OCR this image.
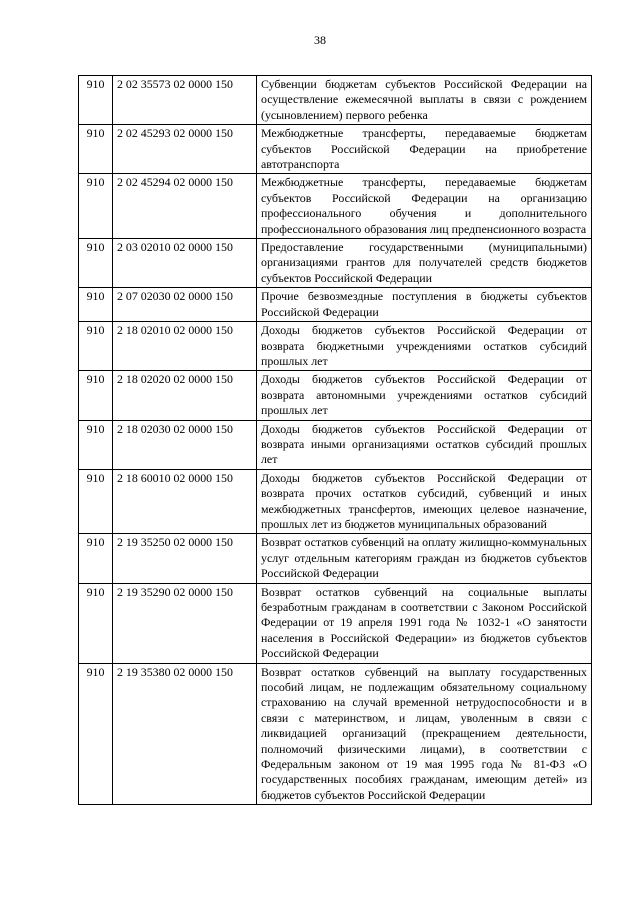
38
910	2 02 35573 02 0000 150	Субвенции бюджетам субъектов Российской Федерации на осуществление ежемесячной выплаты в связи с рождением (усыновлением) первого ребенка
910	2 02 45293 02 0000 150	Межбюджетные трансферты, передаваемые бюджетам субъектов Российской Федерации на приобретение автотранспорта
910	2 02 45294 02 0000 150	Межбюджетные трансферты, передаваемые бюджетам субъектов Российской Федерации на организацию профессионального обучения и дополнительного профессионального образования лиц предпенсионного возраста
910	2 03 02010 02 0000 150	Предоставление государственными (муниципальными) организациями грантов для получателей средств бюджетов субъектов Российской Федерации
910	2 07 02030 02 0000 150	Прочие безвозмездные поступления в бюджеты субъектов Российской Федерации
910	2 18 02010 02 0000 150	Доходы бюджетов субъектов Российской Федерации от возврата бюджетными учреждениями остатков субсидий прошлых лет
910	2 18 02020 02 0000 150	Доходы бюджетов субъектов Российской Федерации от возврата автономными учреждениями остатков субсидий прошлых лет
910	2 18 02030 02 0000 150	Доходы бюджетов субъектов Российской Федерации от возврата иными организациями остатков субсидий прошлых лет
910	2 18 60010 02 0000 150	Доходы бюджетов субъектов Российской Федерации от возврата прочих остатков субсидий, субвенций и иных межбюджетных трансфертов, имеющих целевое назначение, прошлых лет из бюджетов муниципальных образований
910	2 19 35250 02 0000 150	Возврат остатков субвенций на оплату жилищно-коммунальных услуг отдельным категориям граждан из бюджетов субъектов Российской Федерации
910	2 19 35290 02 0000 150	Возврат остатков субвенций на социальные выплаты безработным гражданам в соответствии с Законом Российской Федерации от 19 апреля 1991 года № 1032-1 «О занятости населения в Российской Федерации» из бюджетов субъектов Российской Федерации
910	2 19 35380 02 0000 150	Возврат остатков субвенций на выплату государственных пособий лицам, не подлежащим обязательному социальному страхованию на случай временной нетрудоспособности и в связи с материнством, и лицам, уволенным в связи с ликвидацией организаций (прекращением деятельности, полномочий физическими лицами), в соответствии с Федеральным законом от 19 мая 1995 года № 81-ФЗ «О государственных пособиях гражданам, имеющим детей» из бюджетов субъектов Российской Федерации
